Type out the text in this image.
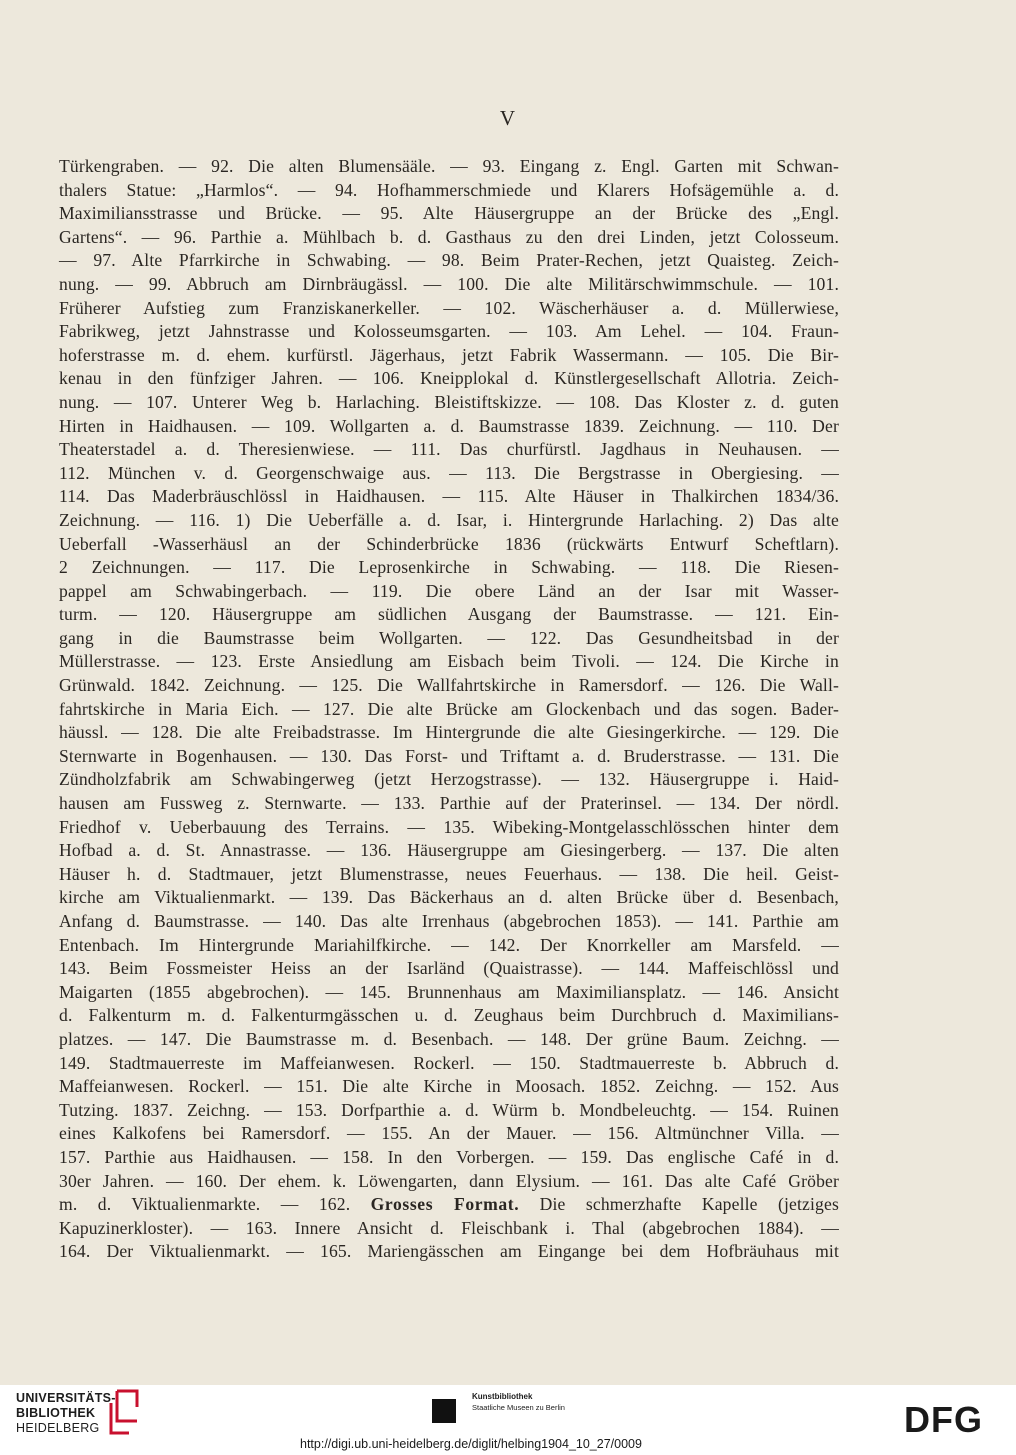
V
Türkengraben. — 92. Die alten Blumensääle. — 93. Eingang z. Engl. Garten mit Schwan-
thalers Statue: „Harmlos“. — 94. Hofhammerschmiede und Klarers Hofsägemühle a. d.
Maximiliansstrasse und Brücke. — 95. Alte Häusergruppe an der Brücke des „Engl.
Gartens“. — 96. Parthie a. Mühlbach b. d. Gasthaus zu den drei Linden, jetzt Colosseum.
— 97. Alte Pfarrkirche in Schwabing. — 98. Beim Prater-Rechen, jetzt Quaisteg. Zeich-
nung. — 99. Abbruch am Dirnbräugässl. — 100. Die alte Militärschwimmschule. — 101.
Früherer Aufstieg zum Franziskanerkeller. — 102. Wäscherhäuser a. d. Müllerwiese,
Fabrikweg, jetzt Jahnstrasse und Kolosseumsgarten. — 103. Am Lehel. — 104. Fraun-
hoferstrasse m. d. ehem. kurfürstl. Jägerhaus, jetzt Fabrik Wassermann. — 105. Die Bir-
kenau in den fünfziger Jahren. — 106. Kneipplokal d. Künstlergesellschaft Allotria. Zeich-
nung. — 107. Unterer Weg b. Harlaching. Bleistiftskizze. — 108. Das Kloster z. d. guten
Hirten in Haidhausen. — 109. Wollgarten a. d. Baumstrasse 1839. Zeichnung. — 110. Der
Theaterstadel a. d. Theresienwiese. — 111. Das churfürstl. Jagdhaus in Neuhausen. —
112. München v. d. Georgenschwaige aus. — 113. Die Bergstrasse in Obergiesing. —
114. Das Maderbräuschlössl in Haidhausen. — 115. Alte Häuser in Thalkirchen 1834/36.
Zeichnung. — 116. 1) Die Ueberfälle a. d. Isar, i. Hintergrunde Harlaching. 2) Das alte
Ueberfall -Wasserhäusl an der Schinderbrücke 1836 (rückwärts Entwurf Scheftlarn).
2 Zeichnungen. — 117. Die Leprosenkirche in Schwabing. — 118. Die Riesen-
pappel am Schwabingerbach. — 119. Die obere Länd an der Isar mit Wasser-
turm. — 120. Häusergruppe am südlichen Ausgang der Baumstrasse. — 121. Ein-
gang in die Baumstrasse beim Wollgarten. — 122. Das Gesundheitsbad in der
Müllerstrasse. — 123. Erste Ansiedlung am Eisbach beim Tivoli. — 124. Die Kirche in
Grünwald. 1842. Zeichnung. — 125. Die Wallfahrtskirche in Ramersdorf. — 126. Die Wall-
fahrtskirche in Maria Eich. — 127. Die alte Brücke am Glockenbach und das sogen. Bader-
häussl. — 128. Die alte Freibadstrasse. Im Hintergrunde die alte Giesingerkirche. — 129. Die
Sternwarte in Bogenhausen. — 130. Das Forst- und Triftamt a. d. Bruderstrasse. — 131. Die
Zündholzfabrik am Schwabingerweg (jetzt Herzogstrasse). — 132. Häusergruppe i. Haid-
hausen am Fussweg z. Sternwarte. — 133. Parthie auf der Praterinsel. — 134. Der nördl.
Friedhof v. Ueberbauung des Terrains. — 135. Wibeking-Montgelasschlösschen hinter dem
Hofbad a. d. St. Annastrasse. — 136. Häusergruppe am Giesingerberg. — 137. Die alten
Häuser h. d. Stadtmauer, jetzt Blumenstrasse, neues Feuerhaus. — 138. Die heil. Geist-
kirche am Viktualienmarkt. — 139. Das Bäckerhaus an d. alten Brücke über d. Besenbach,
Anfang d. Baumstrasse. — 140. Das alte Irrenhaus (abgebrochen 1853). — 141. Parthie am
Entenbach. Im Hintergrunde Mariahilfkirche. — 142. Der Knorrkeller am Marsfeld. —
143. Beim Fossmeister Heiss an der Isarländ (Quaistrasse). — 144. Maffeischlössl und
Maigarten (1855 abgebrochen). — 145. Brunnenhaus am Maximiliansplatz. — 146. Ansicht
d. Falkenturm m. d. Falkenturmgässchen u. d. Zeughaus beim Durchbruch d. Maximilians-
platzes. — 147. Die Baumstrasse m. d. Besenbach. — 148. Der grüne Baum. Zeichng. —
149. Stadtmauerreste im Maffeianwesen. Rockerl. — 150. Stadtmauerreste b. Abbruch d.
Maffeianwesen. Rockerl. — 151. Die alte Kirche in Moosach. 1852. Zeichng. — 152. Aus
Tutzing. 1837. Zeichng. — 153. Dorfparthie a. d. Würm b. Mondbeleuchtg. — 154. Ruinen
eines Kalkofens bei Ramersdorf. — 155. An der Mauer. — 156. Altmünchner Villa. —
157. Parthie aus Haidhausen. — 158. In den Vorbergen. — 159. Das englische Café in d.
30er Jahren. — 160. Der ehem. k. Löwengarten, dann Elysium. — 161. Das alte Café Gröber
m. d. Viktualienmarkte. — 162. Grosses Format. Die schmerzhafte Kapelle (jetziges
Kapuzinerkloster). — 163. Innere Ansicht d. Fleischbank i. Thal (abgebrochen 1884). —
164. Der Viktualienmarkt. — 165. Mariengässchen am Eingange bei dem Hofbräuhaus mit
UNIVERSITÄTS-
BIBLIOTHEK
HEIDELBERG
Kunstbibliothek
Staatliche Museen zu Berlin	DFG
http://digi.ub.uni-heidelberg.de/diglit/helbing1904_10_27/0009
